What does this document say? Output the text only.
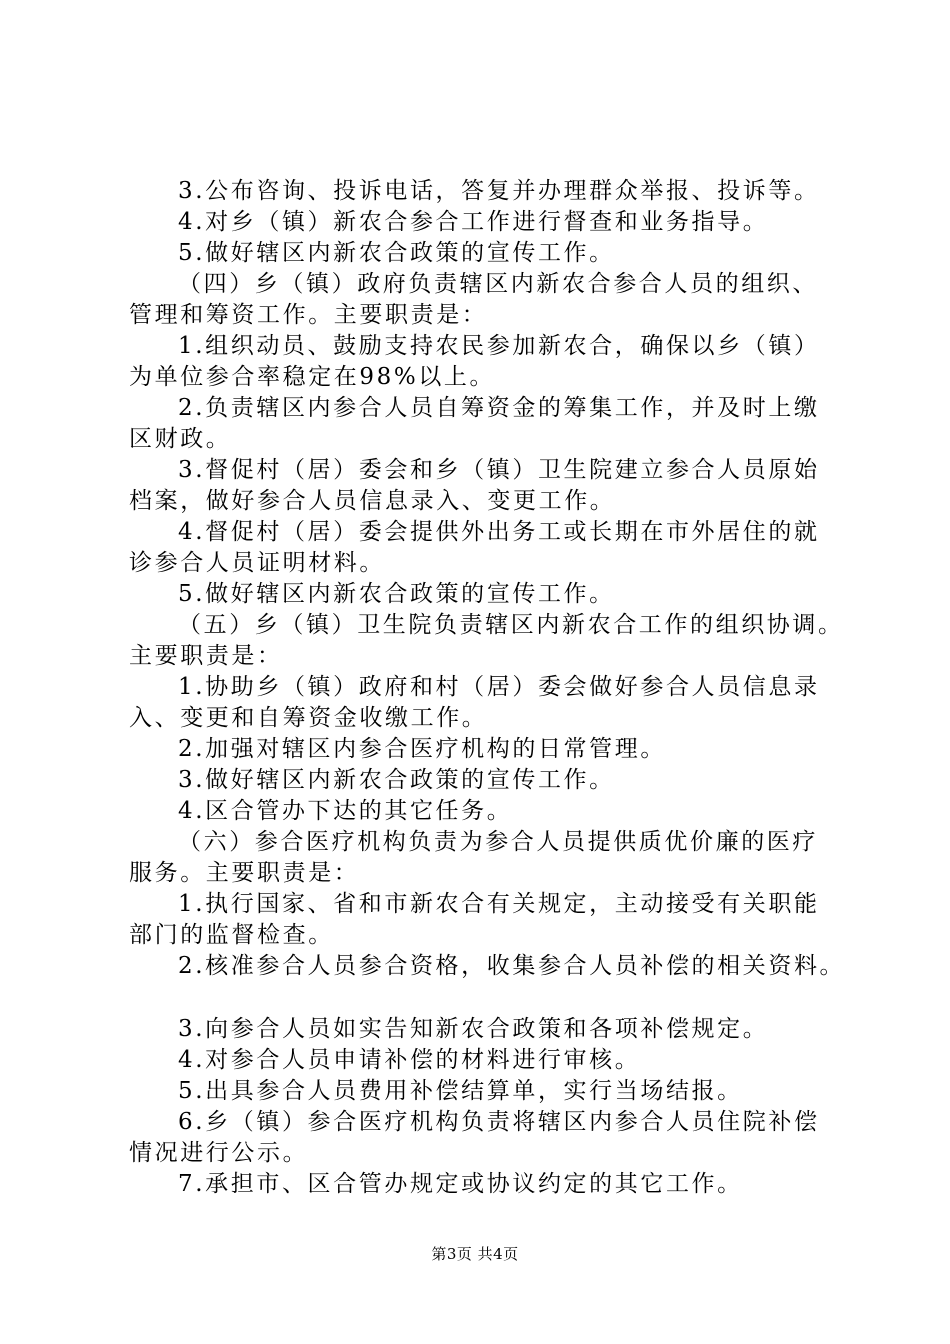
3.公布咨询、投诉电话，答复并办理群众举报、投诉等。
4.对乡（镇）新农合参合工作进行督查和业务指导。
5.做好辖区内新农合政策的宣传工作。
（四）乡（镇）政府负责辖区内新农合参合人员的组织、
管理和筹资工作。主要职责是：
1.组织动员、鼓励支持农民参加新农合，确保以乡（镇）
为单位参合率稳定在98%以上。
2.负责辖区内参合人员自筹资金的筹集工作，并及时上缴
区财政。
3.督促村（居）委会和乡（镇）卫生院建立参合人员原始
档案，做好参合人员信息录入、变更工作。
4.督促村（居）委会提供外出务工或长期在市外居住的就
诊参合人员证明材料。
5.做好辖区内新农合政策的宣传工作。
（五）乡（镇）卫生院负责辖区内新农合工作的组织协调。
主要职责是：
1.协助乡（镇）政府和村（居）委会做好参合人员信息录
入、变更和自筹资金收缴工作。
2.加强对辖区内参合医疗机构的日常管理。
3.做好辖区内新农合政策的宣传工作。
4.区合管办下达的其它任务。
（六）参合医疗机构负责为参合人员提供质优价廉的医疗
服务。主要职责是：
1.执行国家、省和市新农合有关规定，主动接受有关职能
部门的监督检查。
2.核准参合人员参合资格，收集参合人员补偿的相关资料。
3.向参合人员如实告知新农合政策和各项补偿规定。
4.对参合人员申请补偿的材料进行审核。
5.出具参合人员费用补偿结算单，实行当场结报。
6.乡（镇）参合医疗机构负责将辖区内参合人员住院补偿
情况进行公示。
7.承担市、区合管办规定或协议约定的其它工作。
第3页 共4页
